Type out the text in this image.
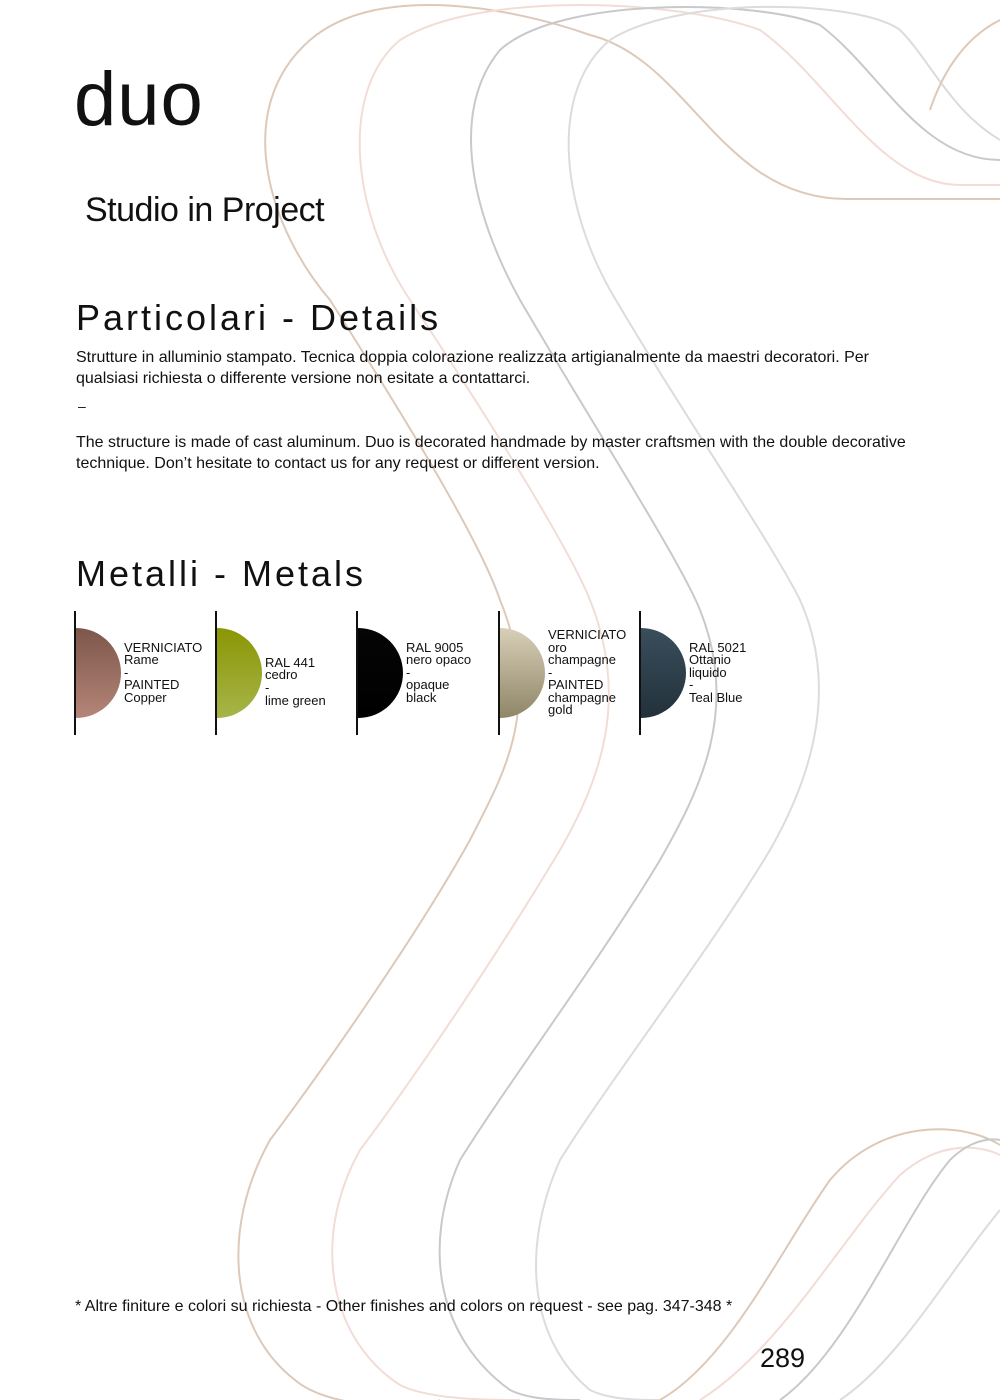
duo

Studio in Project

Particolari - Details

Strutture in alluminio stampato. Tecnica doppia colorazione realizzata artigianalmente da maestri decoratori. Per qualsiasi richiesta o differente versione non esitate a contattarci.

–

The structure is made of cast aluminum. Duo is decorated handmade by master craftsmen with the double decorative technique. Don’t hesitate to contact us for any request or different version.

Metalli - Metals
VERNICIATO
Rame
-
PAINTED
Copper
RAL 441
cedro
-
lime green
RAL 9005
nero opaco
-
opaque
black
VERNICIATO
oro
champagne
-
PAINTED
champagne
gold
RAL 5021
Ottanio
liquido
-
Teal Blue

* Altre finiture e colori su richiesta - Other finishes and colors on request - see pag. 347-348 *

289
